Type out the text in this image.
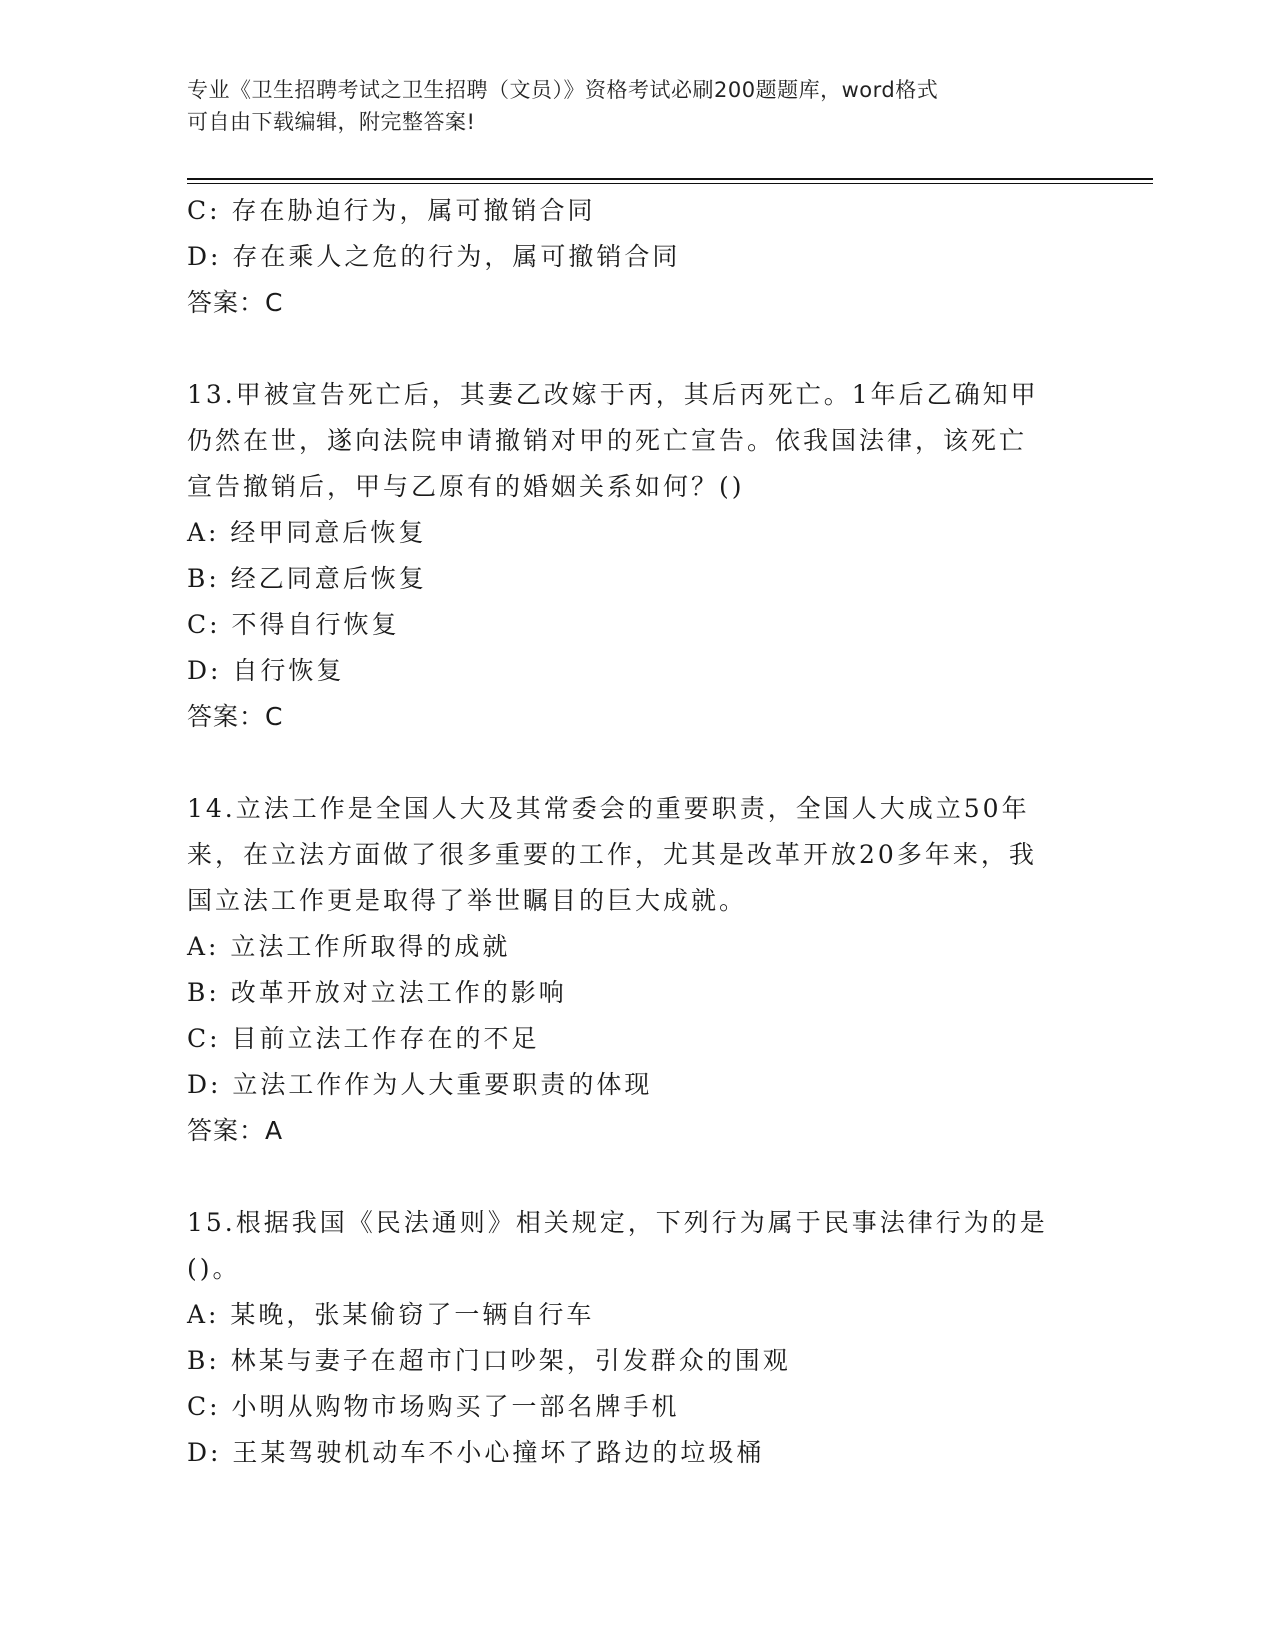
专业《卫生招聘考试之卫生招聘（文员）》资格考试必刷200题题库，word格式
可自由下载编辑，附完整答案!
C: 存在胁迫行为，属可撤销合同
D: 存在乘人之危的行为，属可撤销合同
答案：C
13.甲被宣告死亡后，其妻乙改嫁于丙，其后丙死亡。1年后乙确知甲
仍然在世，遂向法院申请撤销对甲的死亡宣告。依我国法律，该死亡
宣告撤销后，甲与乙原有的婚姻关系如何？()
A: 经甲同意后恢复
B: 经乙同意后恢复
C: 不得自行恢复
D: 自行恢复
答案：C
14.立法工作是全国人大及其常委会的重要职责，全国人大成立50年
来，在立法方面做了很多重要的工作，尤其是改革开放20多年来，我
国立法工作更是取得了举世瞩目的巨大成就。
A: 立法工作所取得的成就
B: 改革开放对立法工作的影响
C: 目前立法工作存在的不足
D: 立法工作作为人大重要职责的体现
答案：A
15.根据我国《民法通则》相关规定，下列行为属于民事法律行为的是
()。
A: 某晚，张某偷窃了一辆自行车
B: 林某与妻子在超市门口吵架，引发群众的围观
C: 小明从购物市场购买了一部名牌手机
D: 王某驾驶机动车不小心撞坏了路边的垃圾桶
